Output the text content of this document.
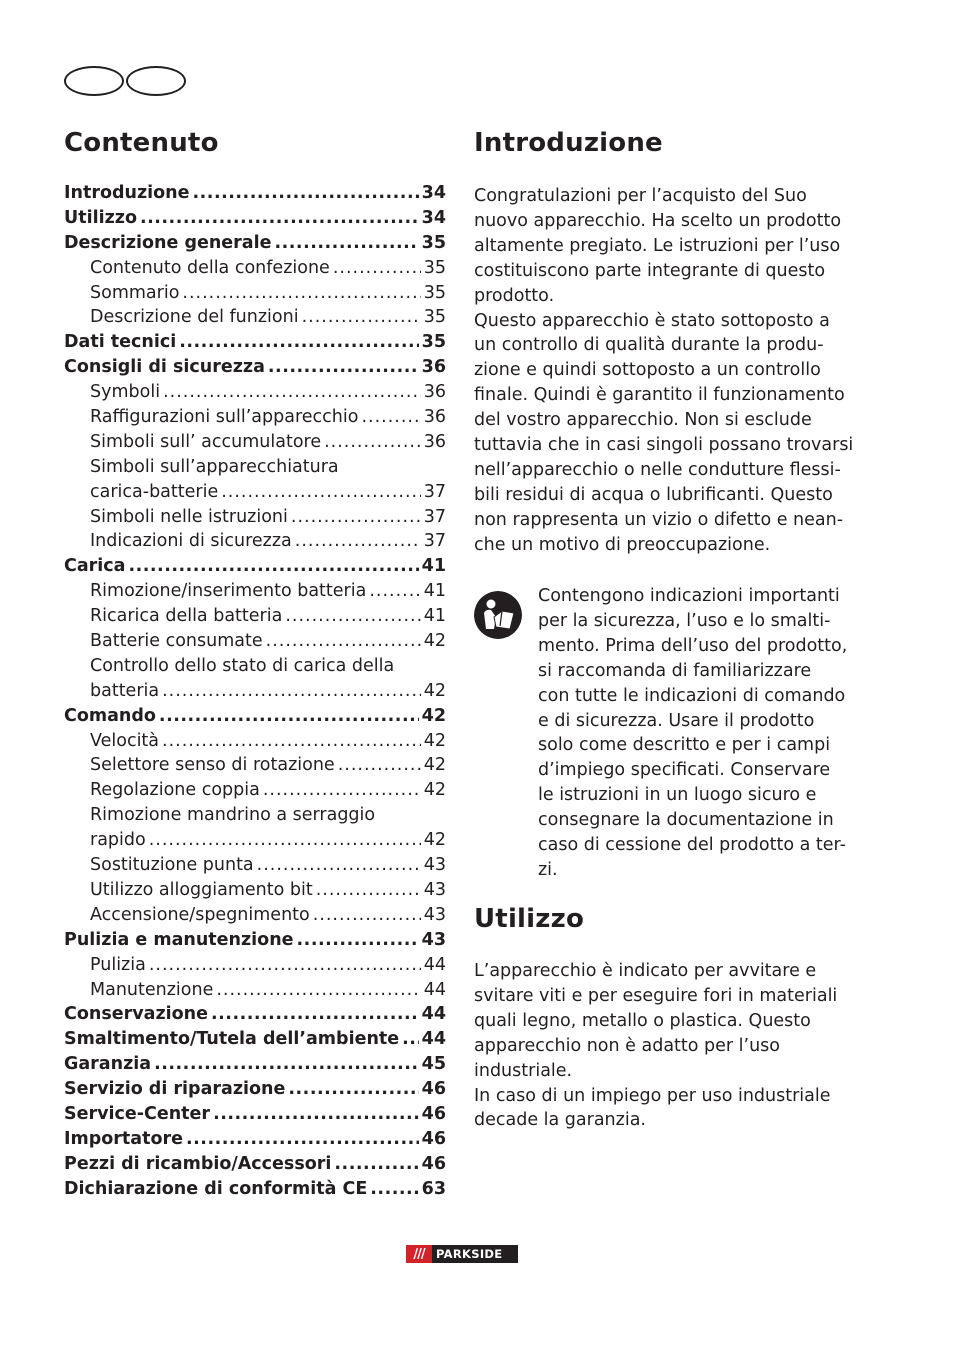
Contenuto
Introduzione .....	34
Utilizzo .....	34
Descrizione generale .....	35
Contenuto della confezione .....	35
Sommario .....	35
Descrizione del funzioni .....	35
Dati tecnici .....	35
Consigli di sicurezza .....	36
Symboli .....	36
Raffigurazioni sull’apparecchio .....	36
Simboli sull’ accumulatore .....	36
Simboli sull’apparecchiatura
carica-batterie .....	37
Simboli nelle istruzioni .....	37
Indicazioni di sicurezza .....	37
Carica .....	41
Rimozione/inserimento batteria .....	41
Ricarica della batteria .....	41
Batterie consumate .....	42
Controllo dello stato di carica della
batteria .....	42
Comando .....	42
Velocità .....	42
Selettore senso di rotazione .....	42
Regolazione coppia .....	42
Rimozione mandrino a serraggio
rapido .....	42
Sostituzione punta .....	43
Utilizzo alloggiamento bit .....	43
Accensione/spegnimento .....	43
Pulizia e manutenzione .....	43
Pulizia .....	44
Manutenzione .....	44
Conservazione .....	44
Smaltimento/Tutela dell’ambiente ..... 44
Garanzia .....	45
Servizio di riparazione .....	46
Service-Center .....	46
Importatore .....	46
Pezzi di ricambio/Accessori .....	46
Dichiarazione di conformità CE .....	63
Introduzione
Congratulazioni per l’acquisto del Suo
nuovo apparecchio. Ha scelto un prodotto
altamente pregiato. Le istruzioni per l’uso
costituiscono parte integrante di questo
prodotto.
Questo apparecchio è stato sottoposto a
un controllo di qualità durante la produ-
zione e quindi sottoposto a un controllo
finale. Quindi è garantito il funzionamento
del vostro apparecchio. Non si esclude
tuttavia che in casi singoli possano trovarsi
nell’apparecchio o nelle condutture flessi-
bili residui di acqua o lubrificanti. Questo
non rappresenta un vizio o difetto e nean-
che un motivo di preoccupazione.
Contengono indicazioni importanti
per la sicurezza, l’uso e lo smalti-
mento. Prima dell’uso del prodotto,
si raccomanda di familiarizzare
con tutte le indicazioni di comando
e di sicurezza. Usare il prodotto
solo come descritto e per i campi
d’impiego specificati. Conservare
le istruzioni in un luogo sicuro e
consegnare la documentazione in
caso di cessione del prodotto a ter-
zi.
Utilizzo
L’apparecchio è indicato per avvitare e
svitare viti e per eseguire fori in materiali
quali legno, metallo o plastica. Questo
apparecchio non è adatto per l’uso
industriale.
In caso di un impiego per uso industriale
decade la garanzia.
/// PARKSIDE
